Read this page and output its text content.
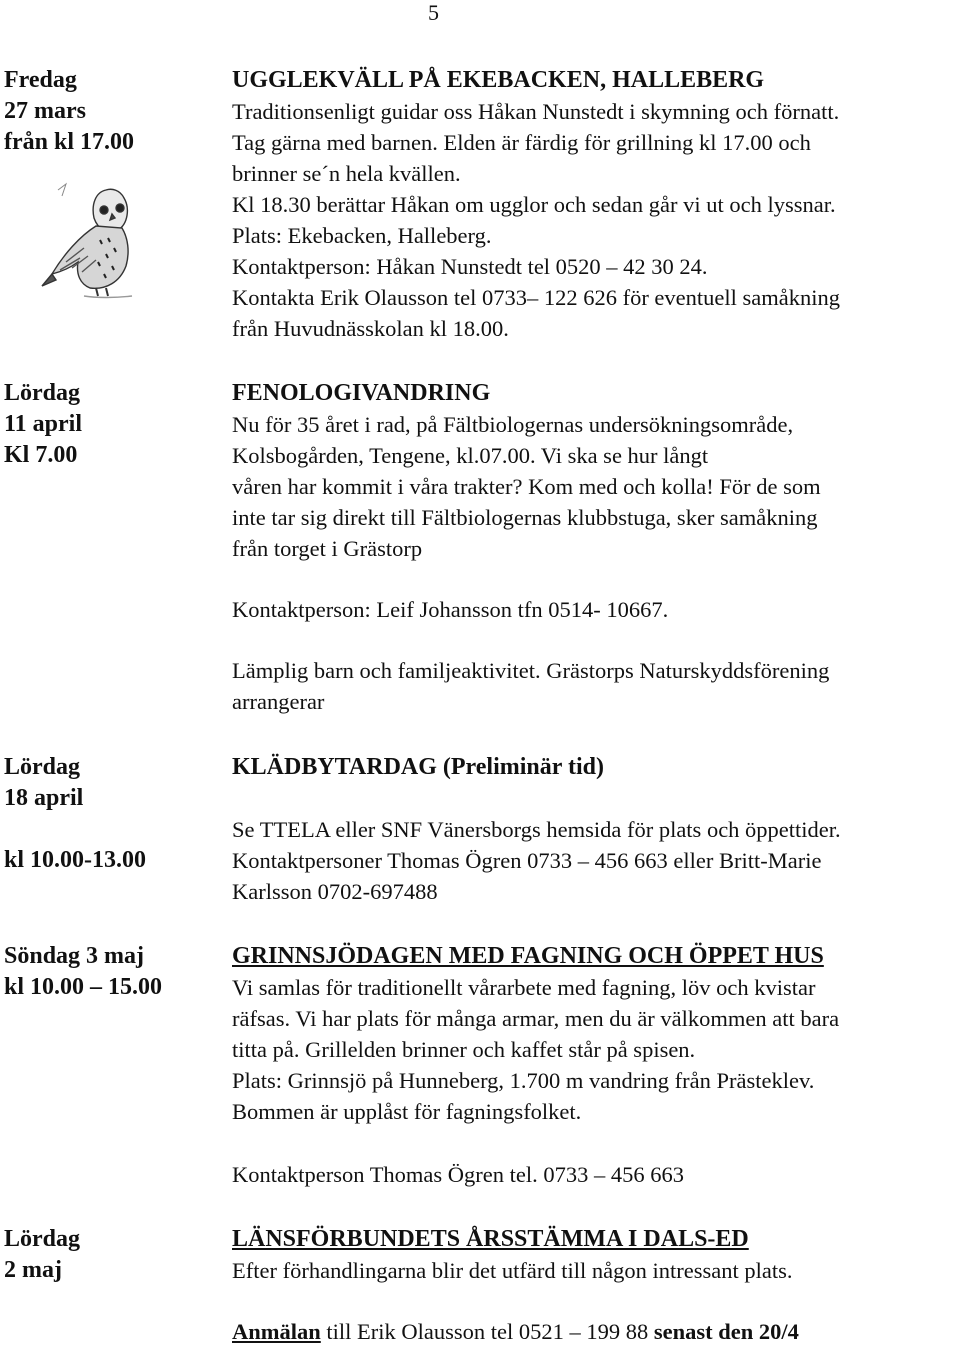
5
Fredag
27 mars
från kl 17.00
UGGLEKVÄLL PÅ EKEBACKEN, HALLEBERG
Traditionsenligt guidar oss Håkan Nunstedt i skymning och förnatt.
Tag gärna med barnen. Elden är färdig för grillning kl 17.00 och
brinner se´n hela kvällen.
Kl 18.30 berättar Håkan om ugglor och sedan går vi ut och lyssnar.
Plats: Ekebacken, Halleberg.
Kontaktperson: Håkan Nunstedt tel 0520 – 42 30 24.
Kontakta Erik Olausson tel 0733– 122 626 för eventuell samåkning
från Huvudnässkolan kl 18.00.
Lördag
11 april
Kl 7.00
FENOLOGIVANDRING
Nu för 35 året i rad, på Fältbiologernas undersökningsområde,
Kolsbogården, Tengene, kl.07.00. Vi ska se hur långt
våren har kommit i våra trakter? Kom med och kolla! För de som
inte tar sig direkt till Fältbiologernas klubbstuga, sker samåkning
från torget i Grästorp
Kontaktperson: Leif Johansson tfn 0514- 10667.
Lämplig barn och familjeaktivitet. Grästorps Naturskyddsförening
arrangerar
Lördag
18 april
kl 10.00-13.00
KLÄDBYTARDAG (Preliminär tid)
Se TTELA eller SNF Vänersborgs hemsida för plats och öppettider.
Kontaktpersoner Thomas Ögren 0733 – 456 663 eller Britt-Marie
Karlsson 0702-697488
Söndag 3 maj
kl 10.00 – 15.00
GRINNSJÖDAGEN MED FAGNING OCH ÖPPET HUS
Vi samlas för traditionellt vårarbete med fagning, löv och kvistar
räfsas. Vi har plats för många armar, men du är välkommen att bara
titta på. Grillelden brinner och kaffet står på spisen.
Plats: Grinnsjö på Hunneberg, 1.700 m vandring från Prästeklev.
Bommen är upplåst för fagningsfolket.
Kontaktperson Thomas Ögren tel. 0733 – 456 663
Lördag
2 maj
LÄNSFÖRBUNDETS ÅRSSTÄMMA I DALS-ED
Efter förhandlingarna blir det utfärd till någon intressant plats.
Anmälan till Erik Olausson tel 0521 – 199 88 senast den 20/4
